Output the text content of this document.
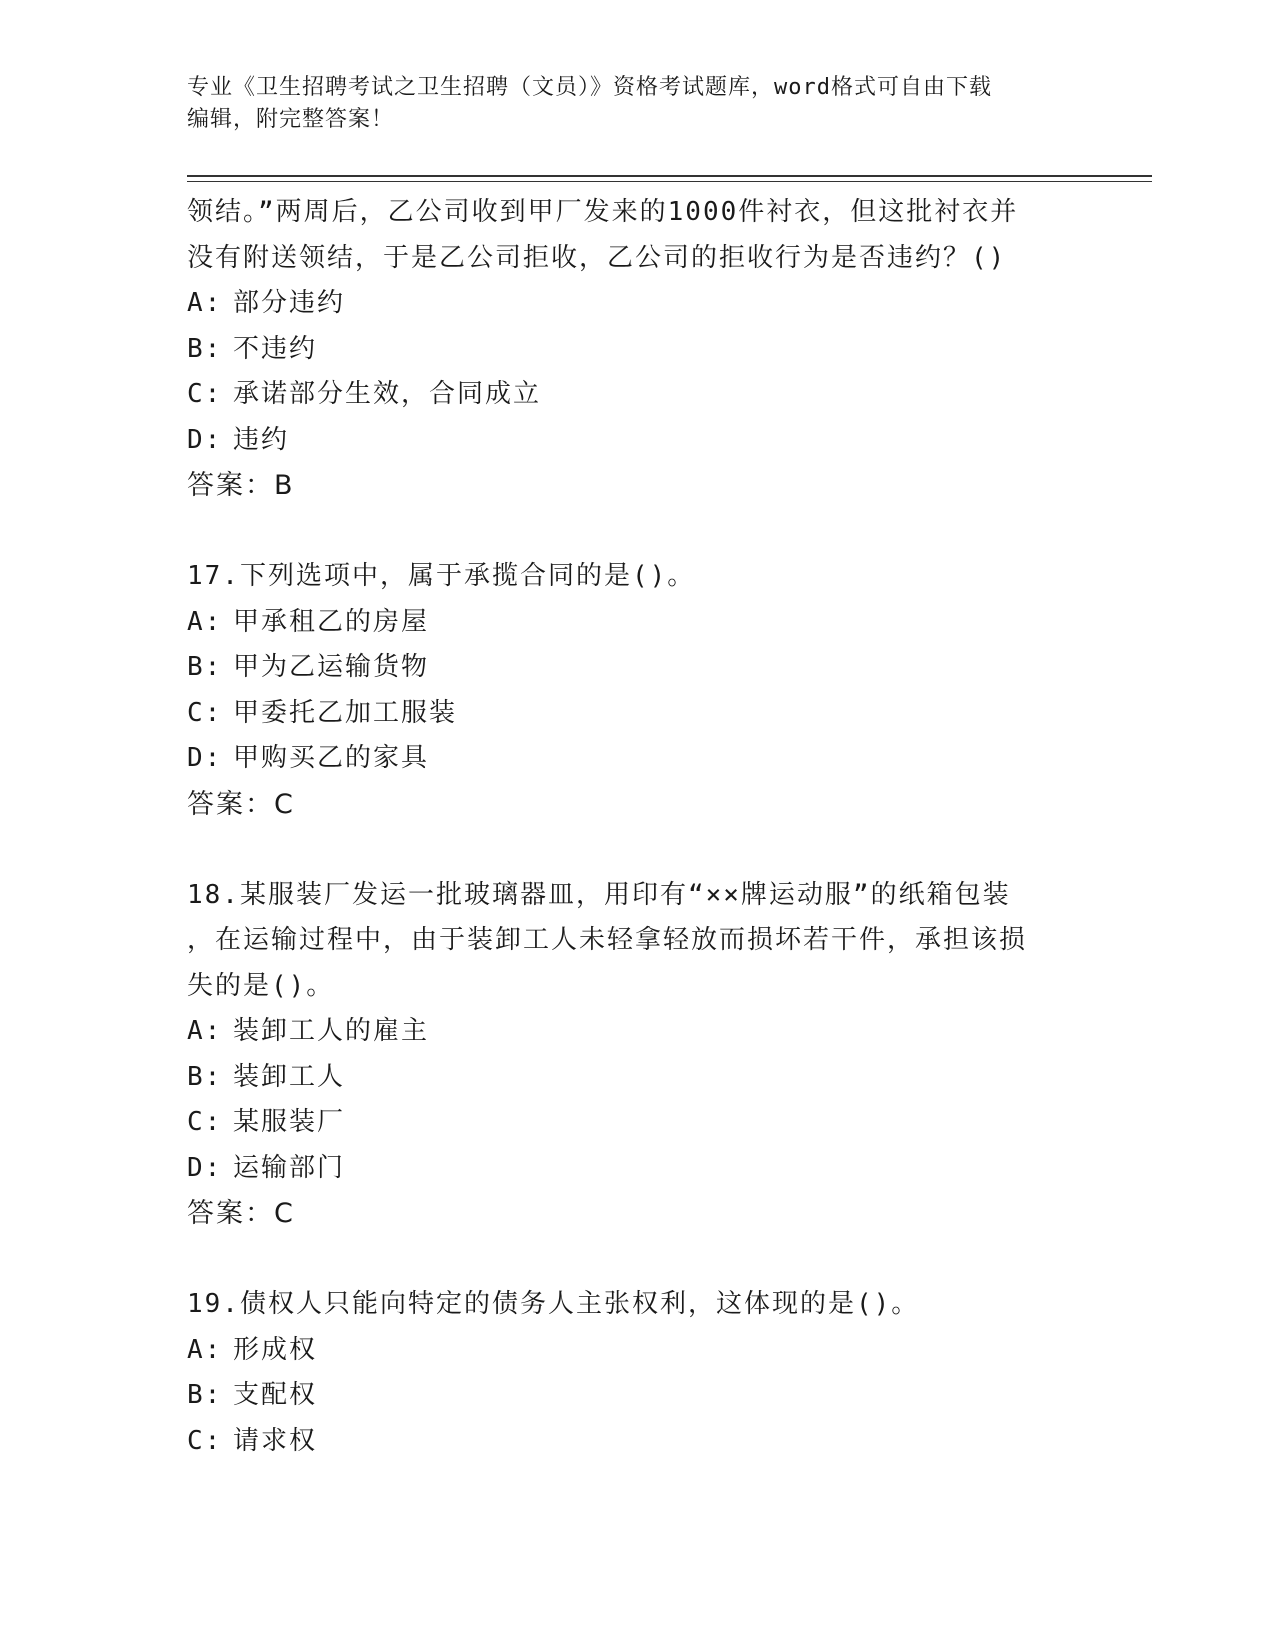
专业《卫生招聘考试之卫生招聘（文员）》资格考试题库，word格式可自由下载
编辑，附完整答案！
领结。”两周后，乙公司收到甲厂发来的1000件衬衣，但这批衬衣并
没有附送领结，于是乙公司拒收，乙公司的拒收行为是否违约？()
A: 部分违约
B: 不违约
C: 承诺部分生效，合同成立
D: 违约
答案：B
17.下列选项中，属于承揽合同的是()。
A: 甲承租乙的房屋
B: 甲为乙运输货物
C: 甲委托乙加工服装
D: 甲购买乙的家具
答案：C
18.某服装厂发运一批玻璃器皿，用印有“××牌运动服”的纸箱包装
，在运输过程中，由于装卸工人未轻拿轻放而损坏若干件，承担该损
失的是()。
A: 装卸工人的雇主
B: 装卸工人
C: 某服装厂
D: 运输部门
答案：C
19.债权人只能向特定的债务人主张权利，这体现的是()。
A: 形成权
B: 支配权
C: 请求权
